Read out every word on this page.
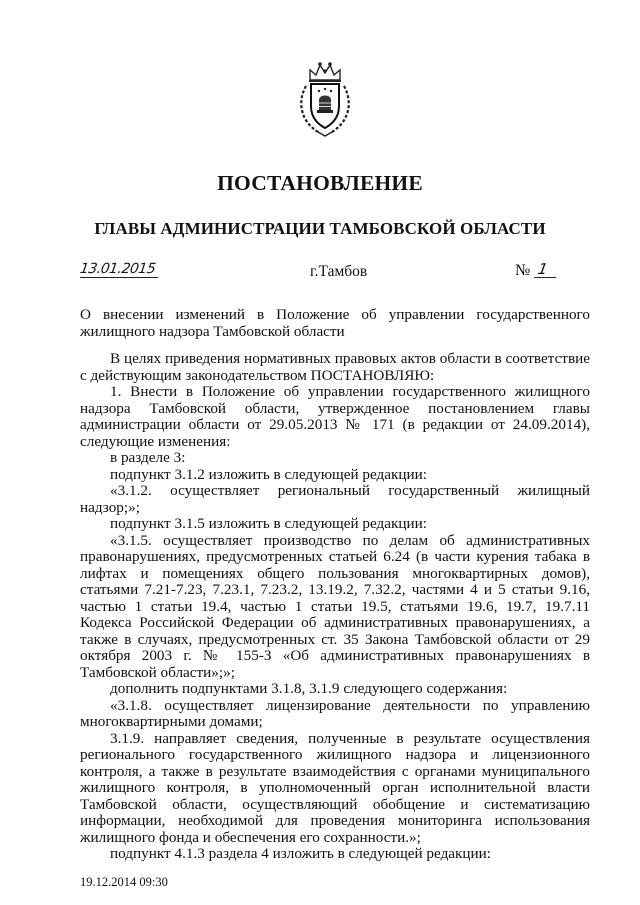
ПОСТАНОВЛЕНИЕ
ГЛАВЫ АДМИНИСТРАЦИИ ТАМБОВСКОЙ ОБЛАСТИ
13.01.2015	г.Тамбов	№ 1

О внесении изменений в Положение об управлении государственного жилищного надзора Тамбовской области

В целях приведения нормативных правовых актов области в соответствие с действующим законодательством ПОСТАНОВЛЯЮ:

1. Внести в Положение об управлении государственного жилищного надзора Тамбовской области, утвержденное постановлением главы администрации области от 29.05.2013 № 171 (в редакции от 24.09.2014), следующие изменения:

в разделе 3:

подпункт 3.1.2 изложить в следующей редакции:

«3.1.2. осуществляет региональный государственный жилищный надзор;»;

подпункт 3.1.5 изложить в следующей редакции:

«3.1.5. осуществляет производство по делам об административных правонарушениях, предусмотренных статьей 6.24 (в части курения табака в лифтах и помещениях общего пользования многоквартирных домов), статьями 7.21-7.23, 7.23.1, 7.23.2, 13.19.2, 7.32.2, частями 4 и 5 статьи 9.16, частью 1 статьи 19.4, частью 1 статьи 19.5, статьями 19.6, 19.7, 19.7.11 Кодекса Российской Федерации об административных правонарушениях, а также в случаях, предусмотренных ст. 35 Закона Тамбовской области от 29 октября 2003 г. № 155-З «Об административных правонарушениях в Тамбовской области»;»;

дополнить подпунктами 3.1.8, 3.1.9 следующего содержания:

«3.1.8. осуществляет лицензирование деятельности по управлению многоквартирными домами;

3.1.9. направляет сведения, полученные в результате осуществления регионального государственного жилищного надзора и лицензионного контроля, а также в результате взаимодействия с органами муниципального жилищного контроля, в уполномоченный орган исполнительной власти Тамбовской области, осуществляющий обобщение и систематизацию информации, необходимой для проведения мониторинга использования жилищного фонда и обеспечения его сохранности.»;

подпункт 4.1.3 раздела 4 изложить в следующей редакции:

19.12.2014 09:30
